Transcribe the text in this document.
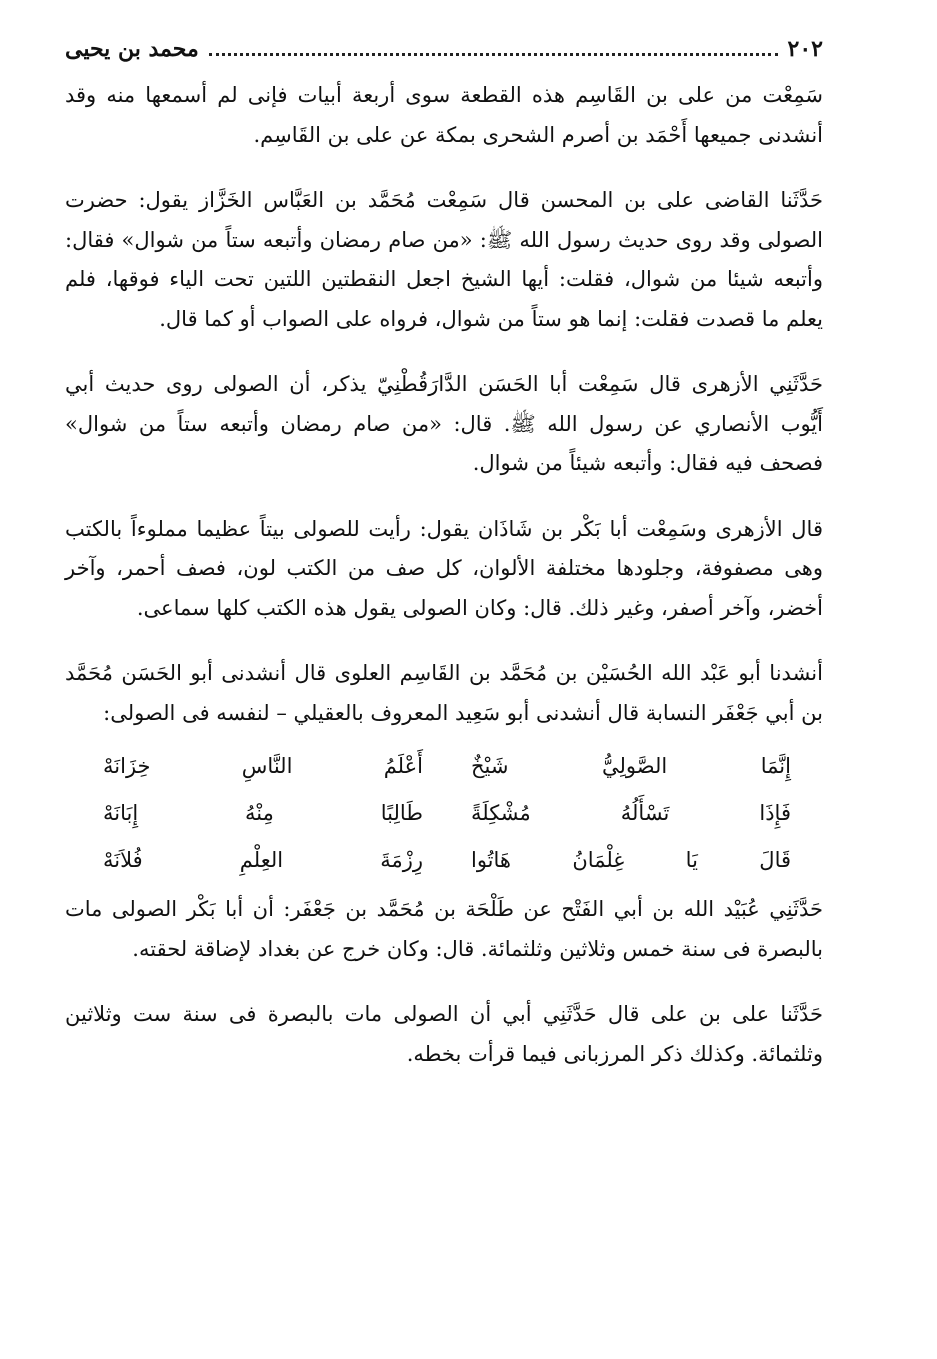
٢٠٢
محمد بن يحيى

سَمِعْت من على بن القَاسِم هذه القطعة سوى أربعة أبيات فإنى لم أسمعها منه وقد أنشدنى جميعها أَحْمَد بن أصرم الشحرى بمكة عن على بن القَاسِم.

حَدَّثَنا القاضى على بن المحسن قال سَمِعْت مُحَمَّد بن العَبَّاس الخَزَّاز يقول: حضرت الصولى وقد روى حديث رسول الله ﷺ: «من صام رمضان وأتبعه ستاً من شوال» فقال: وأتبعه شيئا من شوال، فقلت: أيها الشيخ اجعل النقطتين اللتين تحت الياء فوقها، فلم يعلم ما قصدت فقلت: إنما هو ستاً من شوال، فرواه على الصواب أو كما قال.

حَدَّثَنِي الأزهرى قال سَمِعْت أبا الحَسَن الدَّارَقُطْنِيّ يذكر، أن الصولى روى حديث أبي أَيُّوب الأنصاري عن رسول الله ﷺ. قال: «من صام رمضان وأتبعه ستاً من شوال» فصحف فيه فقال: وأتبعه شيئاً من شوال.

قال الأزهرى وسَمِعْت أبا بَكْر بن شَاذَان يقول: رأيت للصولى بيتاً عظيما مملوءاً بالكتب وهى مصفوفة، وجلودها مختلفة الألوان، كل صف من الكتب لون، فصف أحمر، وآخر أخضر، وآخر أصفر، وغير ذلك. قال: وكان الصولى يقول هذه الكتب كلها سماعى.

أنشدنا أبو عَبْد الله الحُسَيْن بن مُحَمَّد بن القَاسِم العلوى قال أنشدنى أبو الحَسَن مُحَمَّد بن أبي جَعْفَر النسابة قال أنشدنى أبو سَعِيد المعروف بالعقيلي – لنفسه فى الصولى:

إِنَّمَا الصَّولِيُّ شَيْخٌ
أَعْلَمُ النَّاسِ خِزَانَهْ
فَإِذَا تَسْأَلُهُ مُشْكِلَةً
طَالِبًا مِنْهُ إِبَانَهْ
قَالَ يَا غِلْمَانُ هَاتُوا
رِزْمَةَ العِلْمِ فُلاَنَهْ

حَدَّثَنِي عُبَيْد الله بن أبي الفَتْح عن طَلْحَة بن مُحَمَّد بن جَعْفَر: أن أبا بَكْر الصولى مات بالبصرة فى سنة خمس وثلاثين وثلثمائة. قال: وكان خرج عن بغداد لإضاقة لحقته.

حَدَّثَنا على بن على قال حَدَّثَنِي أبي أن الصولى مات بالبصرة فى سنة ست وثلاثين وثلثمائة. وكذلك ذكر المرزبانى فيما قرأت بخطه.
